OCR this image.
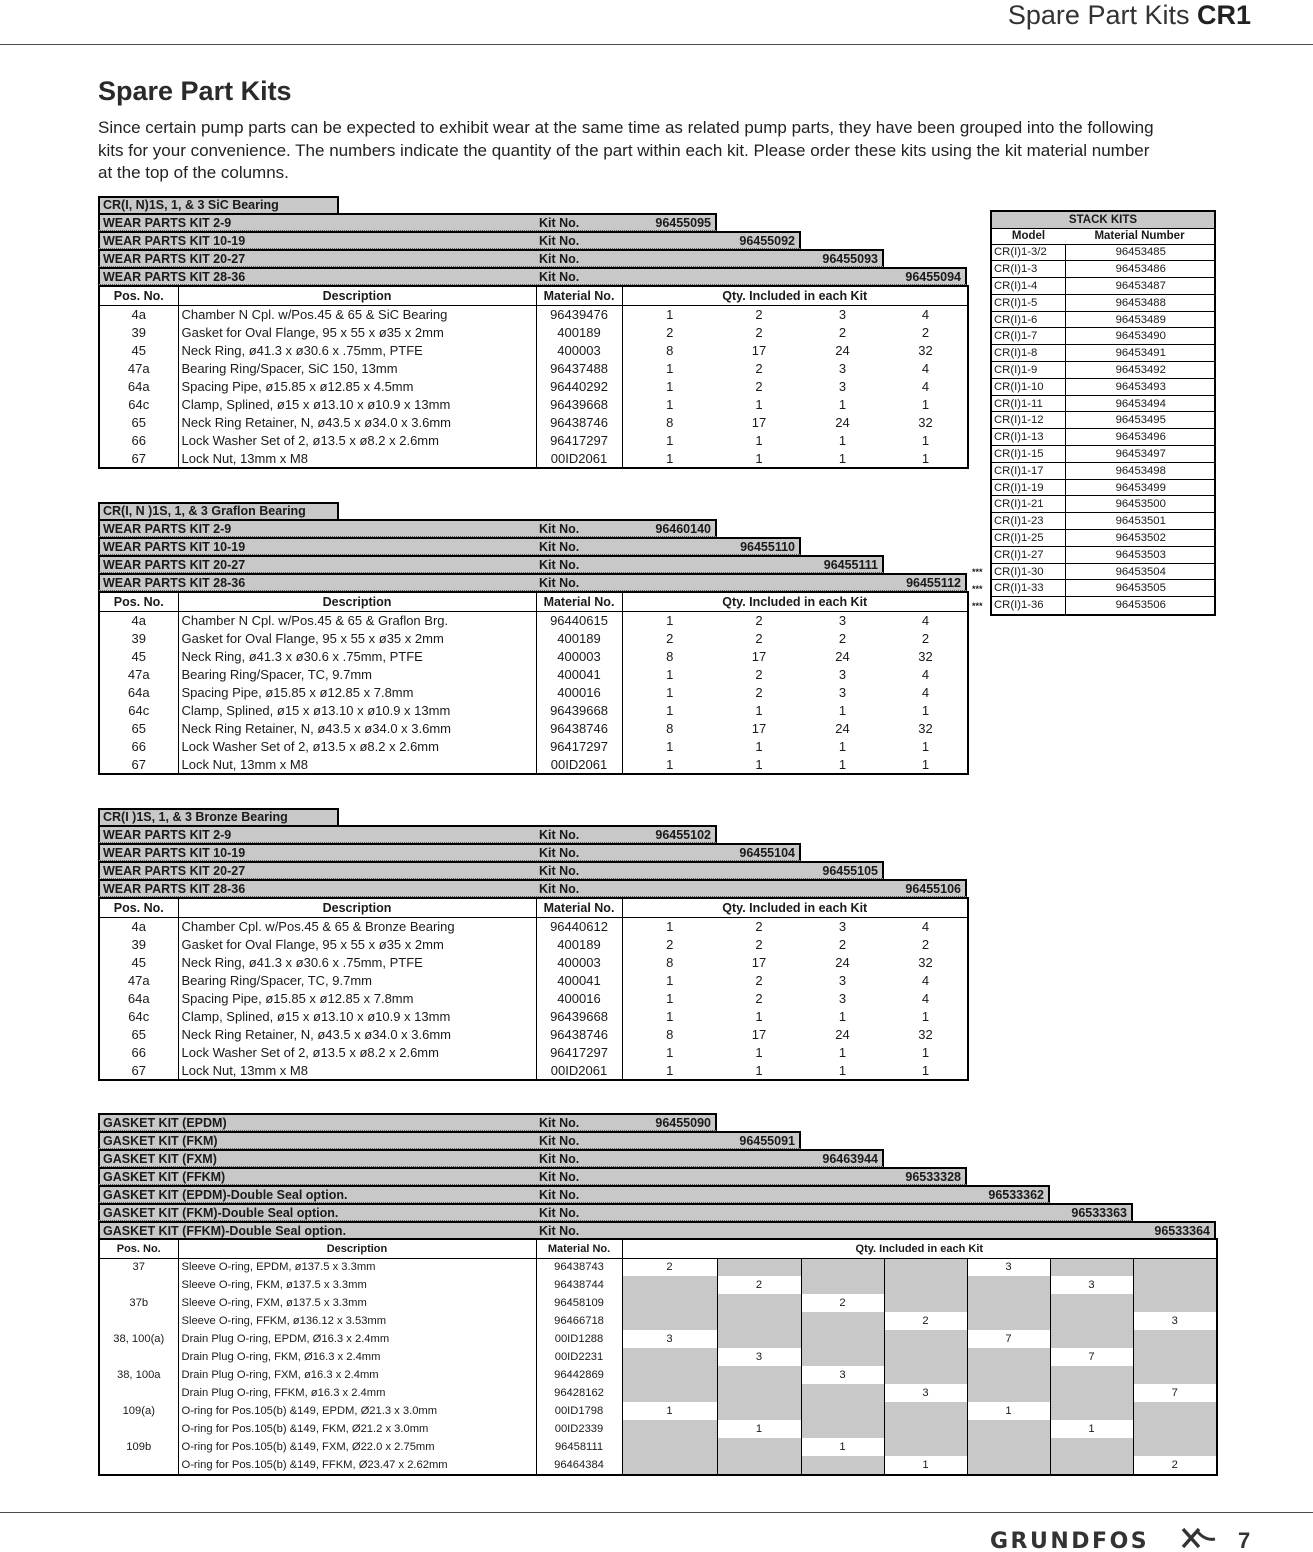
Spare Part Kits CR1
Spare Part Kits

Since certain pump parts can be expected to exhibit wear at the same time as related pump parts, they have been grouped into the following kits for your convenience. The numbers indicate the quantity of the part within each kit. Please order these kits using the kit material number at the top of the columns.

CR(I, N)1S, 1, & 3 SiC Bearing
WEAR PARTS KIT 2-9	Kit No.	96455095
WEAR PARTS KIT 10-19	Kit No.	96455092
WEAR PARTS KIT 20-27	Kit No.	96455093
WEAR PARTS KIT 28-36	Kit No.	96455094
Pos. No.	Description	Material No.	Qty. Included in each Kit			
4a	Chamber N Cpl. w/Pos.45 & 65 & SiC Bearing	96439476	1	2	3	4
39	Gasket for Oval Flange, 95 x 55 x ø35 x 2mm	400189	2	2	2	2
45	Neck Ring, ø41.3 x ø30.6 x .75mm, PTFE	400003	8	17	24	32
47a	Bearing Ring/Spacer, SiC 150, 13mm	96437488	1	2	3	4
64a	Spacing Pipe, ø15.85 x ø12.85 x 4.5mm	96440292	1	2	3	4
64c	Clamp, Splined, ø15 x ø13.10 x ø10.9 x 13mm	96439668	1	1	1	1
65	Neck Ring Retainer, N, ø43.5 x ø34.0 x 3.6mm	96438746	8	17	24	32
66	Lock Washer Set of 2, ø13.5 x ø8.2 x 2.6mm	96417297	1	1	1	1
67	Lock Nut, 13mm x M8	00ID2061	1	1	1	1
CR(I, N )1S, 1, & 3 Graflon Bearing
WEAR PARTS KIT 2-9	Kit No.	96460140
WEAR PARTS KIT 10-19	Kit No.	96455110
WEAR PARTS KIT 20-27	Kit No.	96455111
WEAR PARTS KIT 28-36	Kit No.	96455112
Pos. No.	Description	Material No.	Qty. Included in each Kit			
4a	Chamber N Cpl. w/Pos.45 & 65 & Graflon Brg.	96440615	1	2	3	4
39	Gasket for Oval Flange, 95 x 55 x ø35 x 2mm	400189	2	2	2	2
45	Neck Ring, ø41.3 x ø30.6 x .75mm, PTFE	400003	8	17	24	32
47a	Bearing Ring/Spacer, TC, 9.7mm	400041	1	2	3	4
64a	Spacing Pipe, ø15.85 x ø12.85 x 7.8mm	400016	1	2	3	4
64c	Clamp, Splined, ø15 x ø13.10 x ø10.9 x 13mm	96439668	1	1	1	1
65	Neck Ring Retainer, N, ø43.5 x ø34.0 x 3.6mm	96438746	8	17	24	32
66	Lock Washer Set of 2, ø13.5 x ø8.2 x 2.6mm	96417297	1	1	1	1
67	Lock Nut, 13mm x M8	00ID2061	1	1	1	1
CR(I )1S, 1, & 3 Bronze Bearing
WEAR PARTS KIT 2-9	Kit No.	96455102
WEAR PARTS KIT 10-19	Kit No.	96455104
WEAR PARTS KIT 20-27	Kit No.	96455105
WEAR PARTS KIT 28-36	Kit No.	96455106
Pos. No.	Description	Material No.	Qty. Included in each Kit			
4a	Chamber Cpl. w/Pos.45 & 65 & Bronze Bearing	96440612	1	2	3	4
39	Gasket for Oval Flange, 95 x 55 x ø35 x 2mm	400189	2	2	2	2
45	Neck Ring, ø41.3 x ø30.6 x .75mm, PTFE	400003	8	17	24	32
47a	Bearing Ring/Spacer, TC, 9.7mm	400041	1	2	3	4
64a	Spacing Pipe, ø15.85 x ø12.85 x 7.8mm	400016	1	2	3	4
64c	Clamp, Splined, ø15 x ø13.10 x ø10.9 x 13mm	96439668	1	1	1	1
65	Neck Ring Retainer, N, ø43.5 x ø34.0 x 3.6mm	96438746	8	17	24	32
66	Lock Washer Set of 2, ø13.5 x ø8.2 x 2.6mm	96417297	1	1	1	1
67	Lock Nut, 13mm x M8	00ID2061	1	1	1	1
GASKET KIT (EPDM)	Kit No.	96455090
GASKET KIT (FKM)	Kit No.	96455091
GASKET KIT (FXM)	Kit No.	96463944
GASKET KIT (FFKM)	Kit No.	96533328
GASKET KIT (EPDM)-Double Seal option.	Kit No.	96533362
GASKET KIT (FKM)-Double Seal option.	Kit No.	96533363
GASKET KIT (FFKM)-Double Seal option.	Kit No.	96533364
Pos. No.	Description	Material No.	Qty. Included in each Kit						
37	Sleeve O-ring, EPDM, ø137.5 x 3.3mm	96438743	2				3		
	Sleeve O-ring, FKM, ø137.5 x 3.3mm	96438744		2				3	
37b	Sleeve O-ring, FXM, ø137.5 x 3.3mm	96458109			2				
	Sleeve O-ring, FFKM, ø136.12 x 3.53mm	96466718				2			3
38, 100(a)	Drain Plug O-ring, EPDM, Ø16.3 x 2.4mm	00ID1288	3				7		
	Drain Plug O-ring, FKM, Ø16.3 x 2.4mm	00ID2231		3				7	
38, 100a	Drain Plug O-ring, FXM, ø16.3 x 2.4mm	96442869			3				
	Drain Plug O-ring, FFKM, ø16.3 x 2.4mm	96428162				3			7
109(a)	O-ring for Pos.105(b) &149, EPDM, Ø21.3 x 3.0mm	00ID1798	1				1		
	O-ring for Pos.105(b) &149, FKM, Ø21.2 x 3.0mm	00ID2339		1				1	
109b	O-ring for Pos.105(b) &149, FXM, Ø22.0 x 2.75mm	96458111			1				
	O-ring for Pos.105(b) &149, FFKM, Ø23.47 x 2.62mm	96464384				1			2
STACK KITS	
Model	Material Number
CR(I)1-3/2	96453485
CR(I)1-3	96453486
CR(I)1-4	96453487
CR(I)1-5	96453488
CR(I)1-6	96453489
CR(I)1-7	96453490
CR(I)1-8	96453491
CR(I)1-9	96453492
CR(I)1-10	96453493
CR(I)1-11	96453494
CR(I)1-12	96453495
CR(I)1-13	96453496
CR(I)1-15	96453497
CR(I)1-17	96453498
CR(I)1-19	96453499
CR(I)1-21	96453500
CR(I)1-23	96453501
CR(I)1-25	96453502
CR(I)1-27	96453503
CR(I)1-30	96453504
CR(I)1-33	96453505
CR(I)1-36	96453506
***
***
***
GRUNDFOS	7
